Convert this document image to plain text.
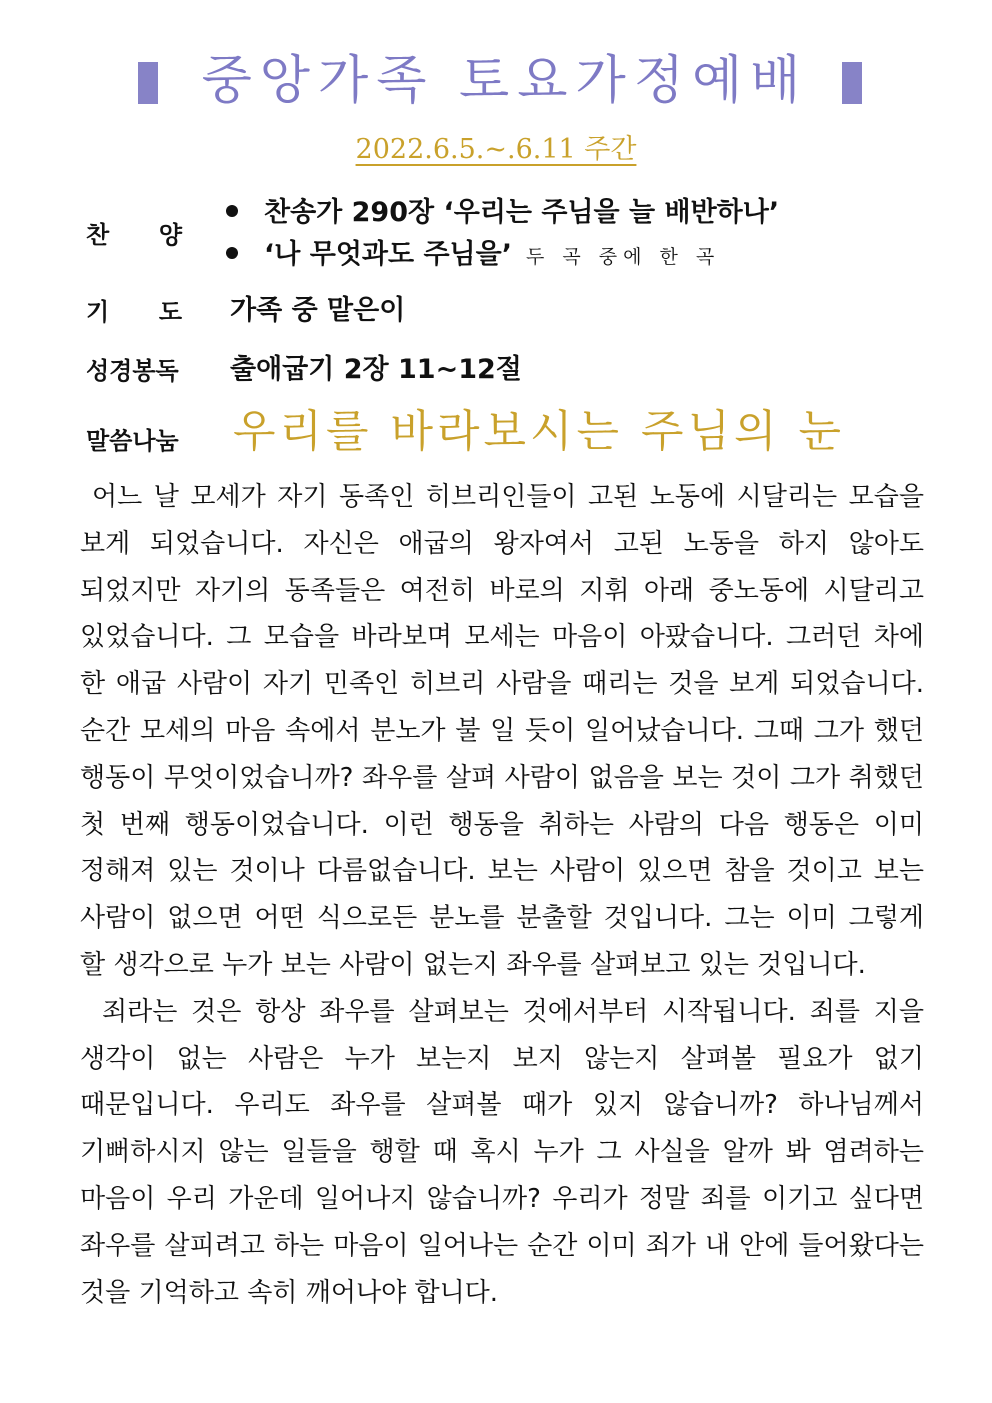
중앙가족 토요가정예배
2022.6.5.~.6.11 주간
찬 양
찬송가 290장 ‘우리는 주님을 늘 배반하나’
‘나 무엇과도 주님을’ 두 곡 중에 한 곡
기 도 가족 중 맡은이
성경봉독 출애굽기 2장 11~12절
말씀나눔 우리를 바라보시는 주님의 눈

어느 날 모세가 자기 동족인 히브리인들이 고된 노동에 시달리는 모습을 보게 되었습니다. 자신은 애굽의 왕자여서 고된 노동을 하지 않아도 되었지만 자기의 동족들은 여전히 바로의 지휘 아래 중노동에 시달리고 있었습니다. 그 모습을 바라보며 모세는 마음이 아팠습니다. 그러던 차에 한 애굽 사람이 자기 민족인 히브리 사람을 때리는 것을 보게 되었습니다. 순간 모세의 마음 속에서 분노가 불 일 듯이 일어났습니다. 그때 그가 했던 행동이 무엇이었습니까? 좌우를 살펴 사람이 없음을 보는 것이 그가 취했던 첫 번째 행동이었습니다. 이런 행동을 취하는 사람의 다음 행동은 이미 정해져 있는 것이나 다름없습니다. 보는 사람이 있으면 참을 것이고 보는 사람이 없으면 어떤 식으로든 분노를 분출할 것입니다. 그는 이미 그렇게 할 생각으로 누가 보는 사람이 없는지 좌우를 살펴보고 있는 것입니다.

죄라는 것은 항상 좌우를 살펴보는 것에서부터 시작됩니다. 죄를 지을 생각이 없는 사람은 누가 보는지 보지 않는지 살펴볼 필요가 없기 때문입니다. 우리도 좌우를 살펴볼 때가 있지 않습니까? 하나님께서 기뻐하시지 않는 일들을 행할 때 혹시 누가 그 사실을 알까 봐 염려하는 마음이 우리 가운데 일어나지 않습니까? 우리가 정말 죄를 이기고 싶다면 좌우를 살피려고 하는 마음이 일어나는 순간 이미 죄가 내 안에 들어왔다는 것을 기억하고 속히 깨어나야 합니다.
